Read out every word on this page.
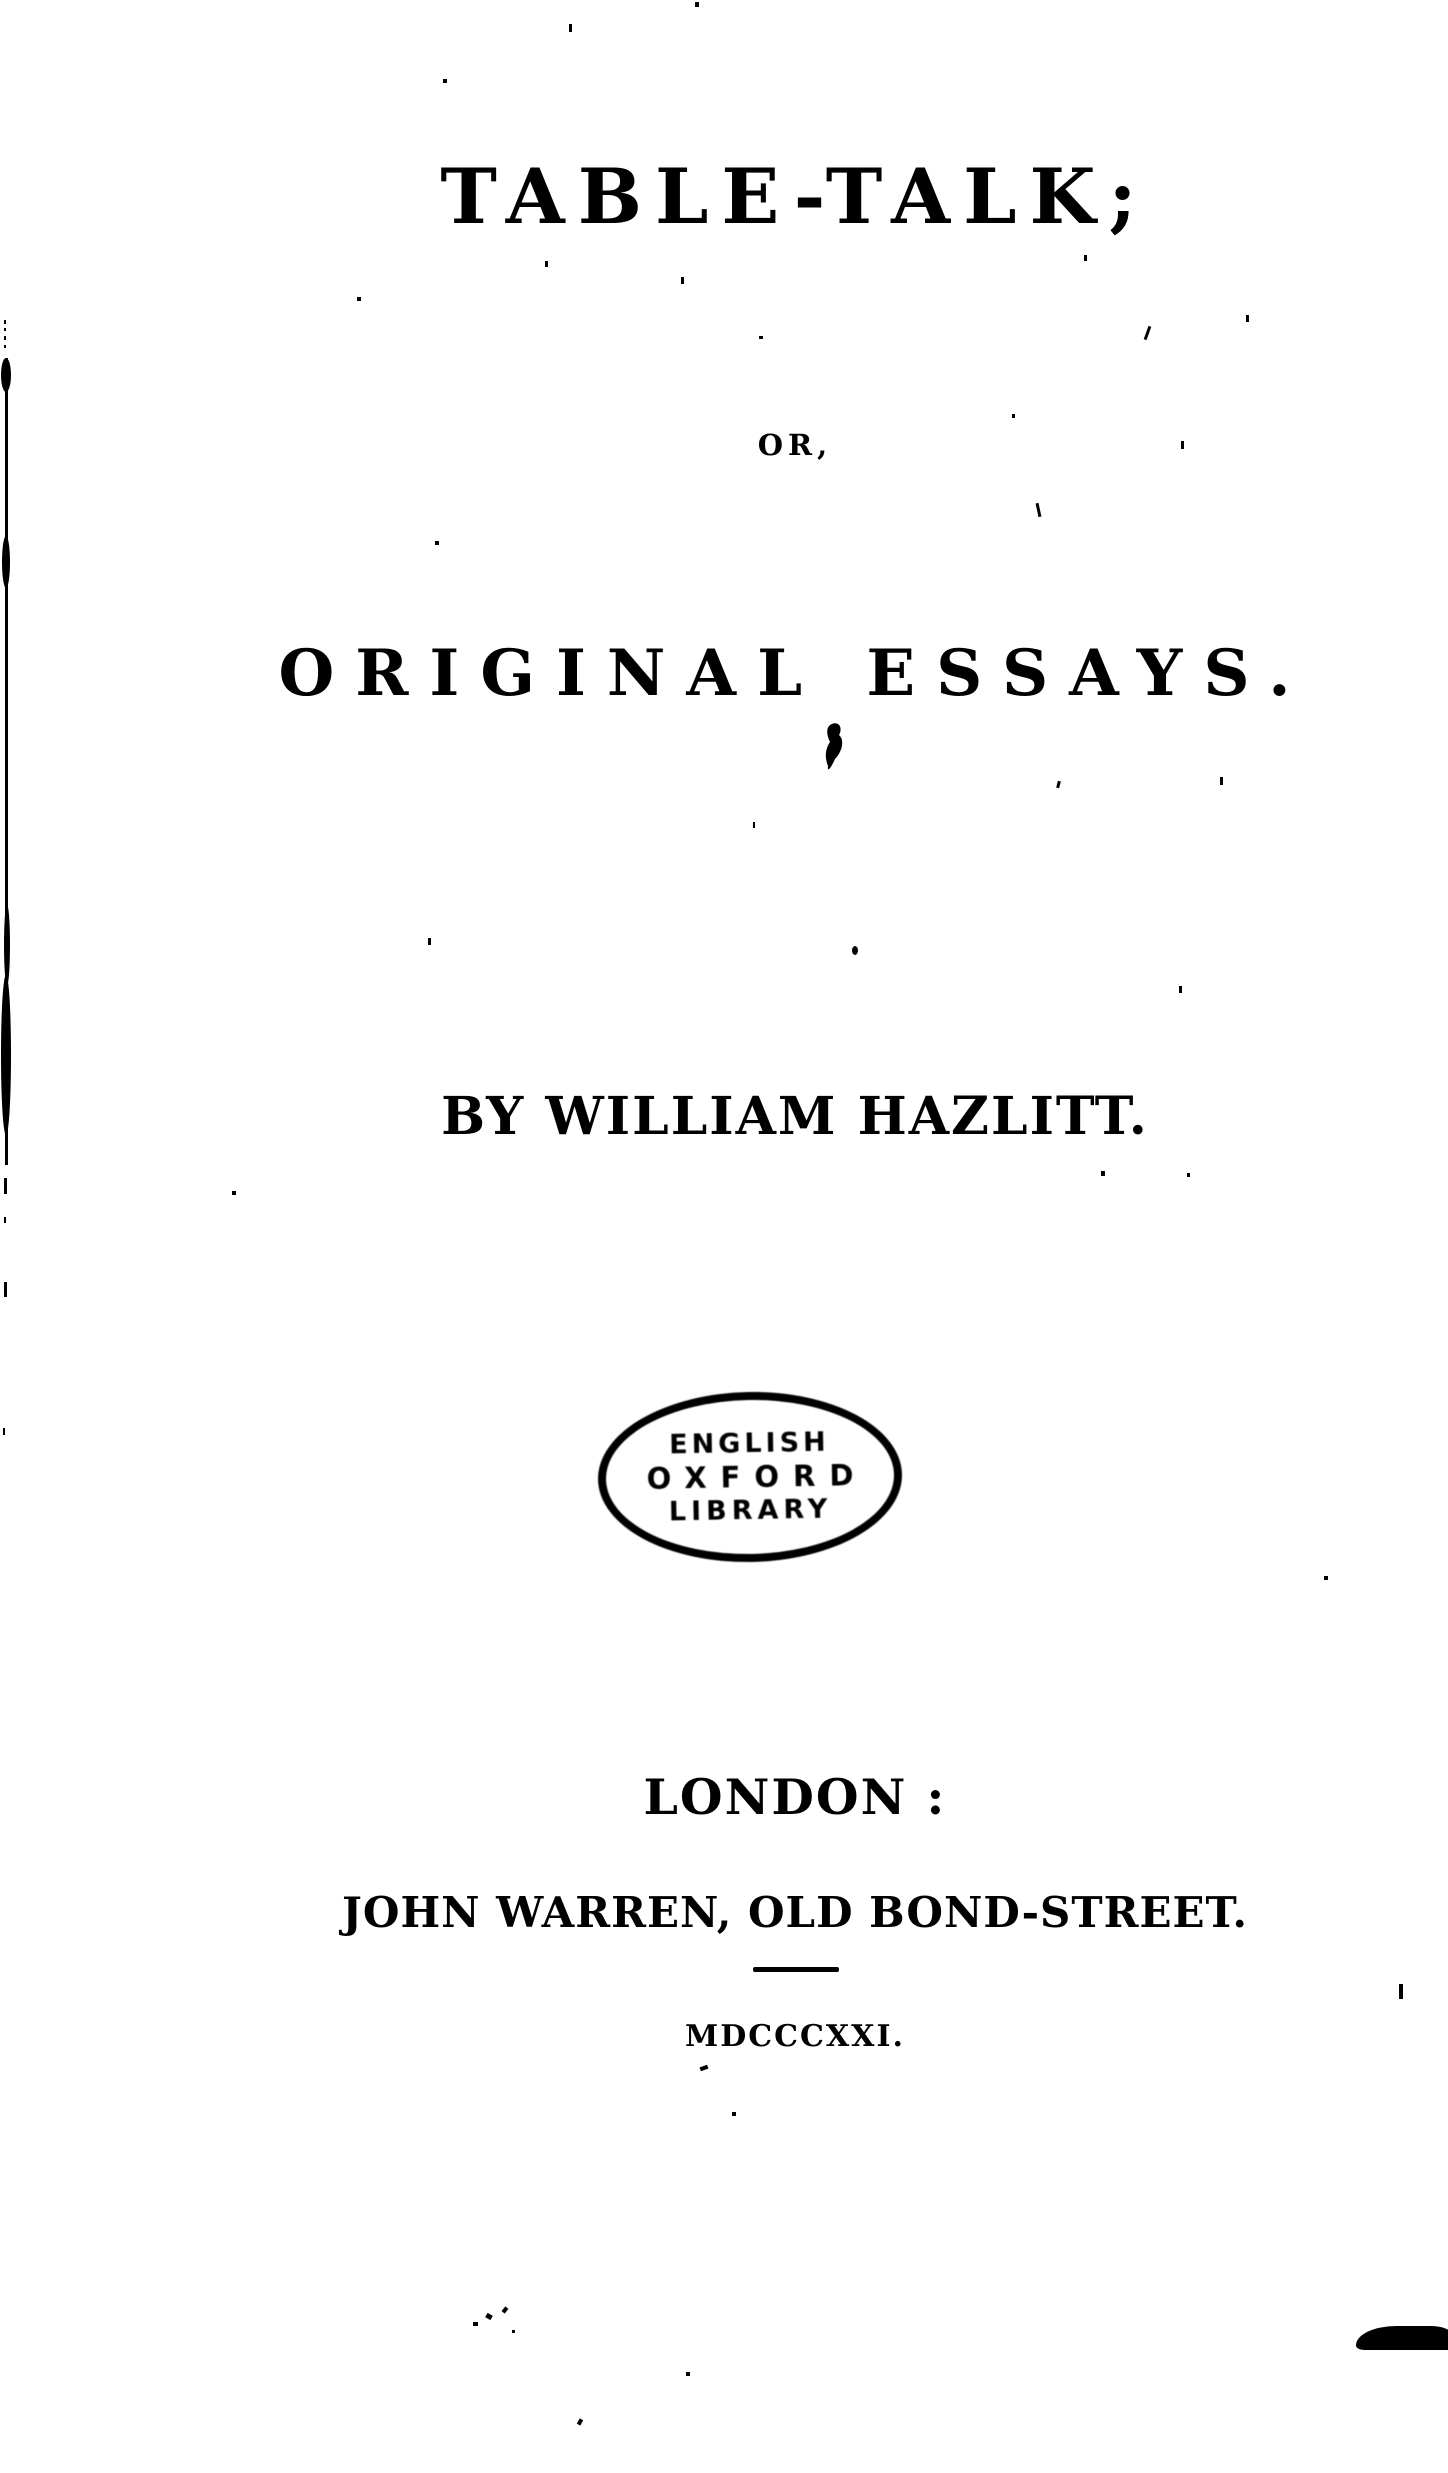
TABLE-TALK;
OR,
ORIGINAL ESSAYS.
BY WILLIAM HAZLITT.
LONDON :
JOHN WARREN, OLD BOND-STREET.
MDCCCXXI.
ENGLISH
OXFORD
LIBRARY
